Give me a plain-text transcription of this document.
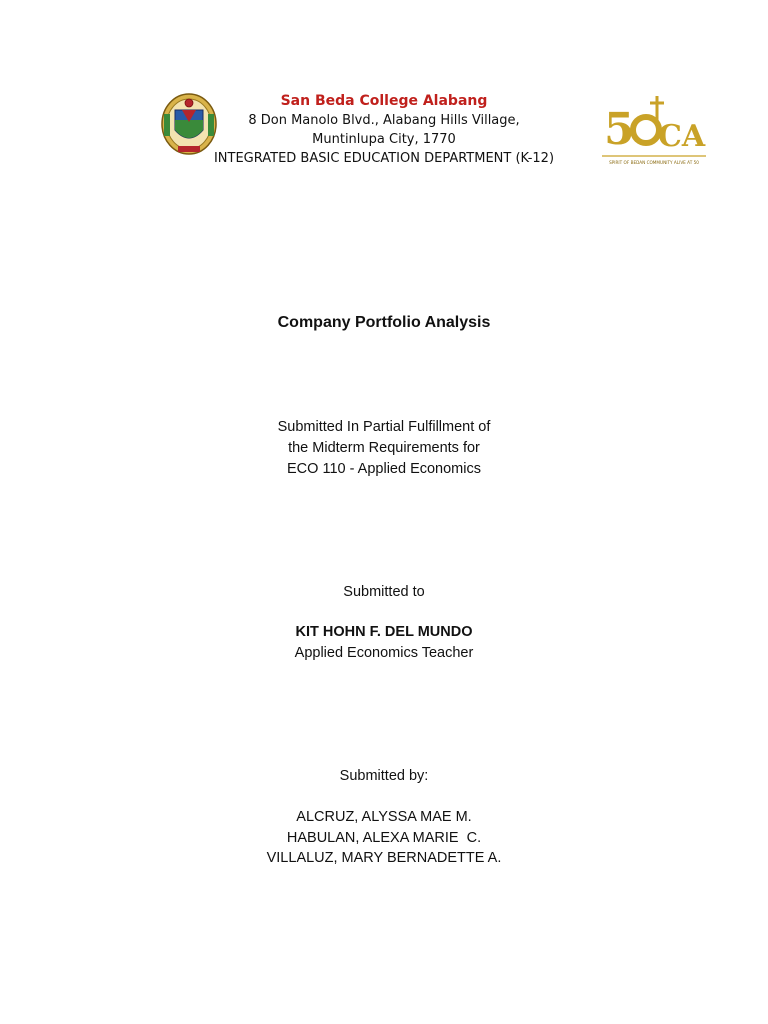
San Beda College Alabang
8 Don Manolo Blvd., Alabang Hills Village,
Muntinlupa City, 1770
INTEGRATED BASIC EDUCATION DEPARTMENT (K-12)
5 CA
SPIRIT OF BEDAN COMMUNITY ALIVE AT 50
Company Portfolio Analysis
Submitted In Partial Fulfillment of
the Midterm Requirements for
ECO 110 - Applied Economics
Submitted to
KIT HOHN F. DEL MUNDO
Applied Economics Teacher
Submitted by:
ALCRUZ, ALYSSA MAE M.
HABULAN, ALEXA MARIE  C.
VILLALUZ, MARY BERNADETTE A.
